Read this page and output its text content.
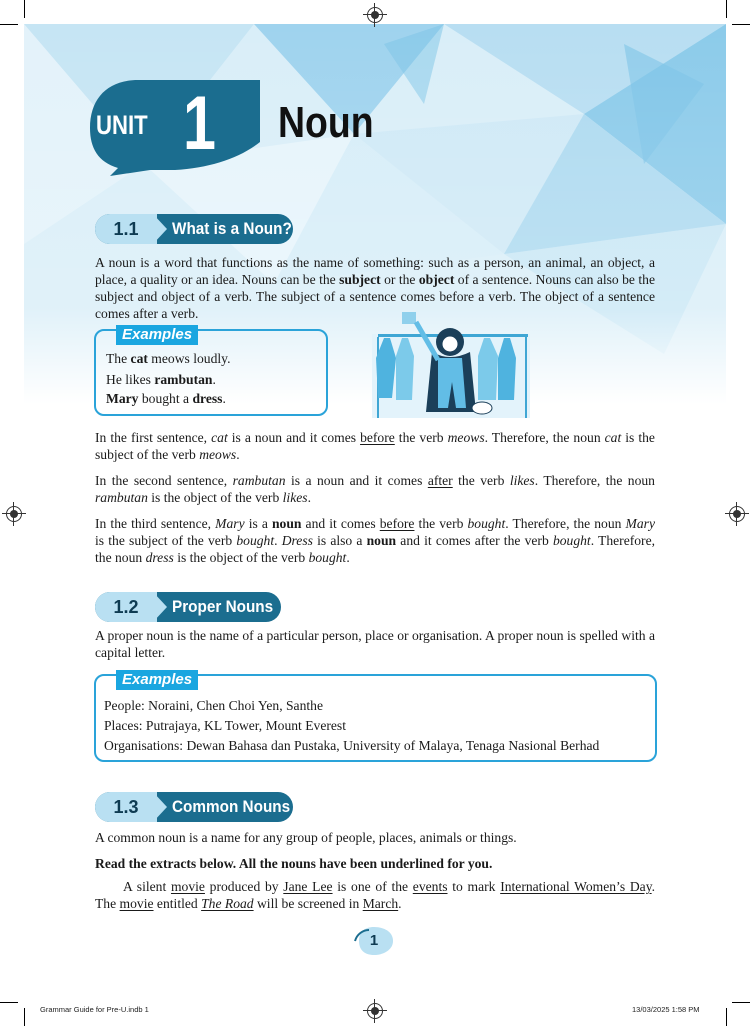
UNIT 1 Noun
1.1	What is a Noun?

A noun is a word that functions as the name of something: such as a person, an animal, an object, a place, a quality or an idea. Nouns can be the subject or the object of a sentence. Nouns can also be the subject and object of a verb. The subject of a sentence comes before a verb. The object of a sentence comes after a verb.

Examples
The cat meows loudly.
He likes rambutan.
Mary bought a dress.

In the first sentence, cat is a noun and it comes before the verb meows. Therefore, the noun cat is the subject of the verb meows.

In the second sentence, rambutan is a noun and it comes after the verb likes. Therefore, the noun rambutan is the object of the verb likes.

In the third sentence, Mary is a noun and it comes before the verb bought. Therefore, the noun Mary is the subject of the verb bought. Dress is also a noun and it comes after the verb bought. Therefore, the noun dress is the object of the verb bought.

1.2	Proper Nouns
A proper noun is the name of a particular person, place or organisation. A proper noun is spelled with a capital letter.
Examples
People: Noraini, Chen Choi Yen, Santhe
Places: Putrajaya, KL Tower, Mount Everest
Organisations: Dewan Bahasa dan Pustaka, University of Malaya, Tenaga Nasional Berhad
1.3	Common Nouns
A common noun is a name for any group of people, places, animals or things.
Read the extracts below. All the nouns have been underlined for you.

A silent movie produced by Jane Lee is one of the events to mark International Women’s Day. The movie entitled The Road will be screened in March.

1
Grammar Guide for Pre-U.indb 1	13/03/2025 1:58 PM
